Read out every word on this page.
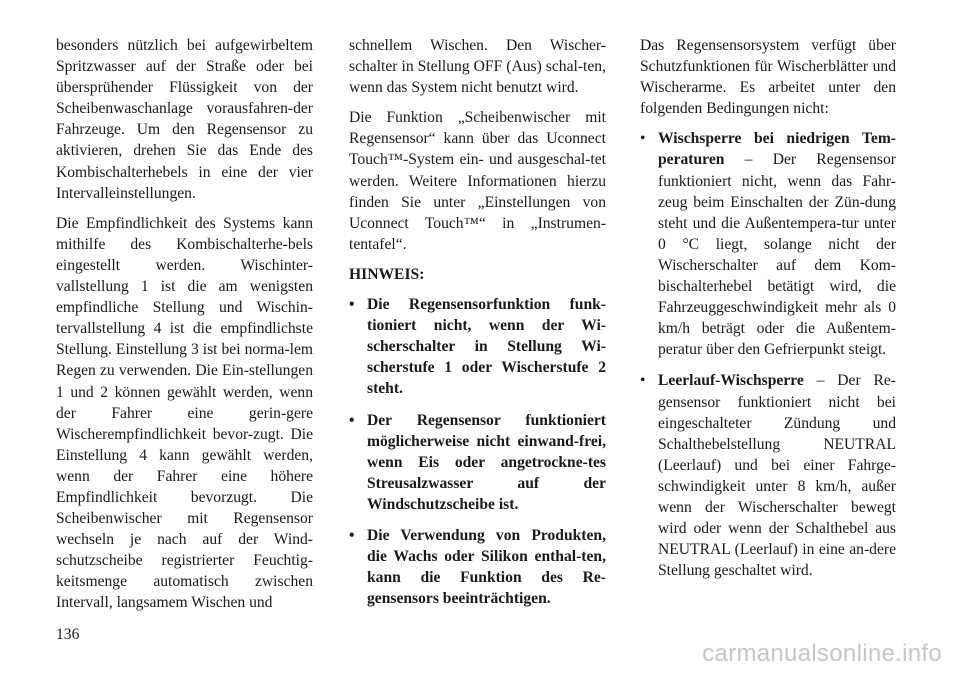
besonders nützlich bei aufgewirbeltem Spritzwasser auf der Straße oder bei übersprühender Flüssigkeit von der Scheibenwaschanlage vorausfahren-der Fahrzeuge. Um den Regensensor zu aktivieren, drehen Sie das Ende des Kombischalterhebels in eine der vier Intervalleinstellungen.

Die Empfindlichkeit des Systems kann mithilfe des Kombischalterhe-bels eingestellt werden. Wischinter-vallstellung 1 ist die am wenigsten empfindliche Stellung und Wischin-tervallstellung 4 ist die empfindlichste Stellung. Einstellung 3 ist bei norma-lem Regen zu verwenden. Die Ein-stellungen 1 und 2 können gewählt werden, wenn der Fahrer eine gerin-gere Wischerempfindlichkeit bevor-zugt. Die Einstellung 4 kann gewählt werden, wenn der Fahrer eine höhere Empfindlichkeit bevorzugt. Die Scheibenwischer mit Regensensor wechseln je nach auf der Wind-schutzscheibe registrierter Feuchtig-keitsmenge automatisch zwischen Intervall, langsamem Wischen und

schnellem Wischen. Den Wischer-schalter in Stellung OFF (Aus) schal-ten, wenn das System nicht benutzt wird.

Die Funktion „Scheibenwischer mit Regensensor“ kann über das Uconnect Touch™-System ein- und ausgeschal-tet werden. Weitere Informationen hierzu finden Sie unter „Einstellungen von Uconnect Touch™“ in „Instrumen-tentafel“.

HINWEIS:
• Die Regensensorfunktion funk-tioniert nicht, wenn der Wi-scherschalter in Stellung Wi-scherstufe 1 oder Wischerstufe 2 steht.
• Der Regensensor funktioniert möglicherweise nicht einwand-frei, wenn Eis oder angetrockne-tes Streusalzwasser auf der Windschutzscheibe ist.
• Die Verwendung von Produkten, die Wachs oder Silikon enthal-ten, kann die Funktion des Re-gensensors beeinträchtigen.

Das Regensensorsystem verfügt über Schutzfunktionen für Wischerblätter und Wischerarme. Es arbeitet unter den folgenden Bedingungen nicht:

• Wischsperre bei niedrigen Tem-peraturen – Der Regensensor funktioniert nicht, wenn das Fahr-zeug beim Einschalten der Zün-dung steht und die Außentempera-tur unter 0 °C liegt, solange nicht der Wischerschalter auf dem Kom-bischalterhebel betätigt wird, die Fahrzeuggeschwindigkeit mehr als 0 km/h beträgt oder die Außentem-peratur über den Gefrierpunkt steigt.
• Leerlauf-Wischsperre – Der Re-gensensor funktioniert nicht bei eingeschalteter Zündung und Schalthebelstellung NEUTRAL (Leerlauf) und bei einer Fahrge-schwindigkeit unter 8 km/h, außer wenn der Wischerschalter bewegt wird oder wenn der Schalthebel aus NEUTRAL (Leerlauf) in eine an-dere Stellung geschaltet wird.
136
carmanualsonline.info
